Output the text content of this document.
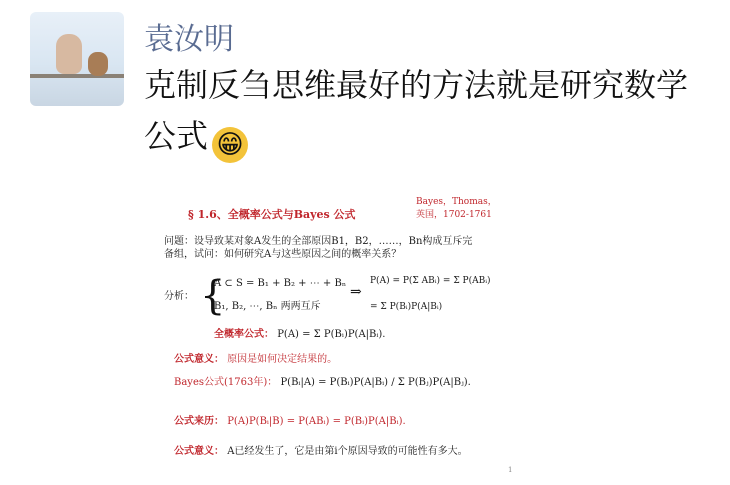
袁汝明
克制反刍思维最好的方法就是研究数学公式 😁
§ 1.6、全概率公式与Bayes 公式
Bayes，Thomas，
英国，1702-1761
问题：设导致某对象A发生的全部原因B1，B2，……，Bn构成互斥完
备组，试问：如何研究A与这些原因之间的概率关系？
分析： {
A ⊂ S = B₁ + B₂ + ⋯ + Bₙ
B₁, B₂, ⋯, Bₙ 两两互斥
⇒
P(A) = P(Σ ABᵢ) = Σ P(ABᵢ)
= Σ P(Bᵢ)P(A|Bᵢ)
全概率公式： P(A) = Σ P(Bᵢ)P(A|Bᵢ).
公式意义： 原因是如何决定结果的。
Bayes公式(1763年)： P(Bᵢ|A) = P(Bᵢ)P(A|Bᵢ) / Σ P(Bⱼ)P(A|Bⱼ).
公式来历： P(A)P(Bᵢ|B) = P(ABᵢ) = P(Bᵢ)P(A|Bᵢ).
公式意义： A已经发生了，它是由第i个原因导致的可能性有多大。
1
